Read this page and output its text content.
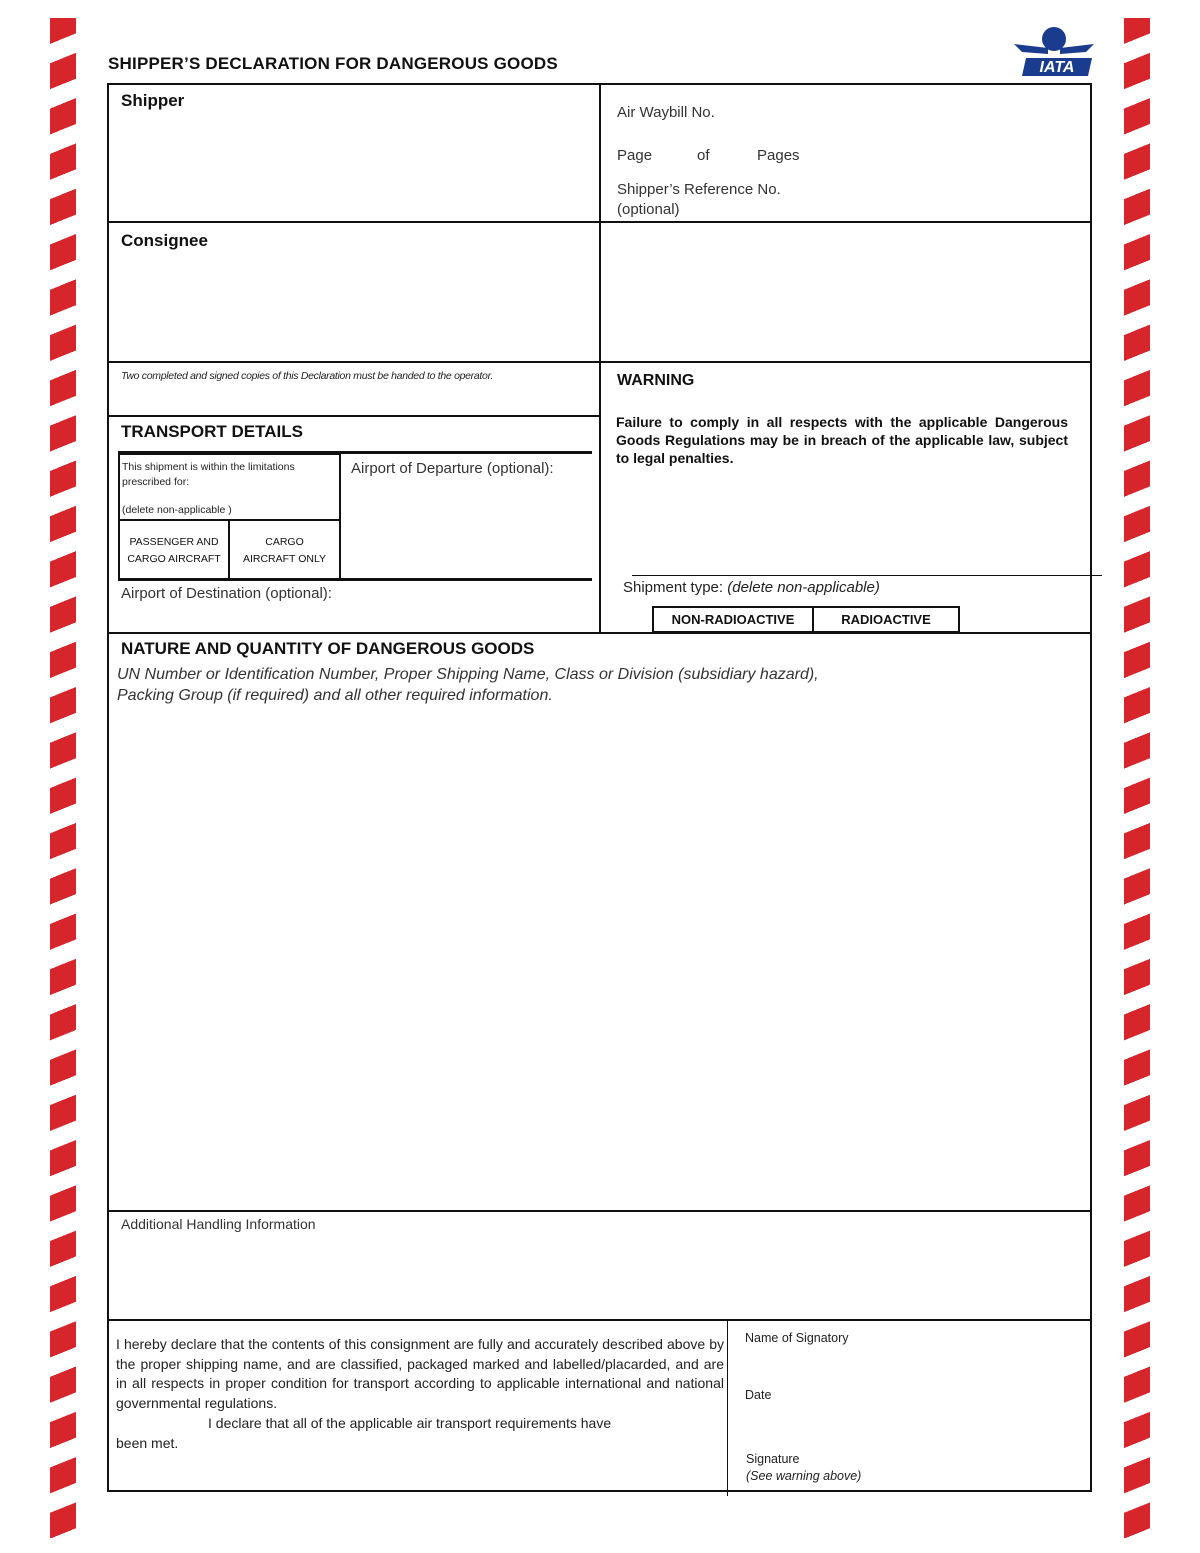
SHIPPER’S DECLARATION FOR DANGEROUS GOODS	IATA
Shipper
Air Waybill No.
Page	of	Pages
Shipper’s Reference No.
(optional)
Consignee
Two completed and signed copies of this Declaration must be handed to the operator.
TRANSPORT DETAILS
This shipment is within the limitations
prescribed for:
(delete non-applicable )
PASSENGER AND
CARGO AIRCRAFT
CARGO
AIRCRAFT ONLY
Airport of Departure (optional):
Airport of Destination (optional):
WARNING
Failure to comply in all respects with the applicable Dangerous Goods Regulations may be in breach of the applicable law, subject to legal penalties.
Shipment type: (delete non-applicable)
NON-RADIOACTIVE	RADIOACTIVE
NATURE AND QUANTITY OF DANGEROUS GOODS
UN Number or Identification Number, Proper Shipping Name, Class or Division (subsidiary hazard),
Packing Group (if required) and all other required information.
Additional Handling Information
I hereby declare that the contents of this consignment are fully and accurately described above by the proper shipping name, and are classified, packaged marked and labelled/placarded, and are in all respects in proper condition for transport according to applicable international and national governmental regulations.
I declare that all of the applicable air transport requirements have
been met.
Name of Signatory
Date
Signature
(See warning above)
